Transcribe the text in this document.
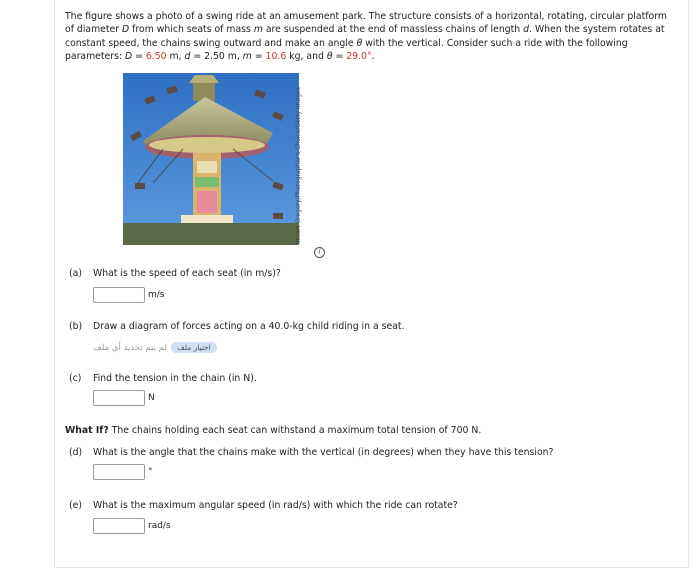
The figure shows a photo of a swing ride at an amusement park. The structure consists of a horizontal, rotating, circular platform of diameter D from which seats of mass m are suspended at the end of massless chains of length d. When the system rotates at constant speed, the chains swing outward and make an angle θ with the vertical. Consider such a ride with the following parameters: D = 6.50 m, d = 2.50 m, m = 10.6 kg, and θ = 29.0°.
Stuart Gregory/Photographer's Choice/Getty Images
i
(a) What is the speed of each seat (in m/s)?
m/s
(b) Draw a diagram of forces acting on a 40.0-kg child riding in a seat.
اختيار ملف
لم يتم تحديد أي ملف
(c) Find the tension in the chain (in N).
N
What If? The chains holding each seat can withstand a maximum total tension of 700 N.
(d) What is the angle that the chains make with the vertical (in degrees) when they have this tension?
°
(e) What is the maximum angular speed (in rad/s) with which the ride can rotate?
rad/s
